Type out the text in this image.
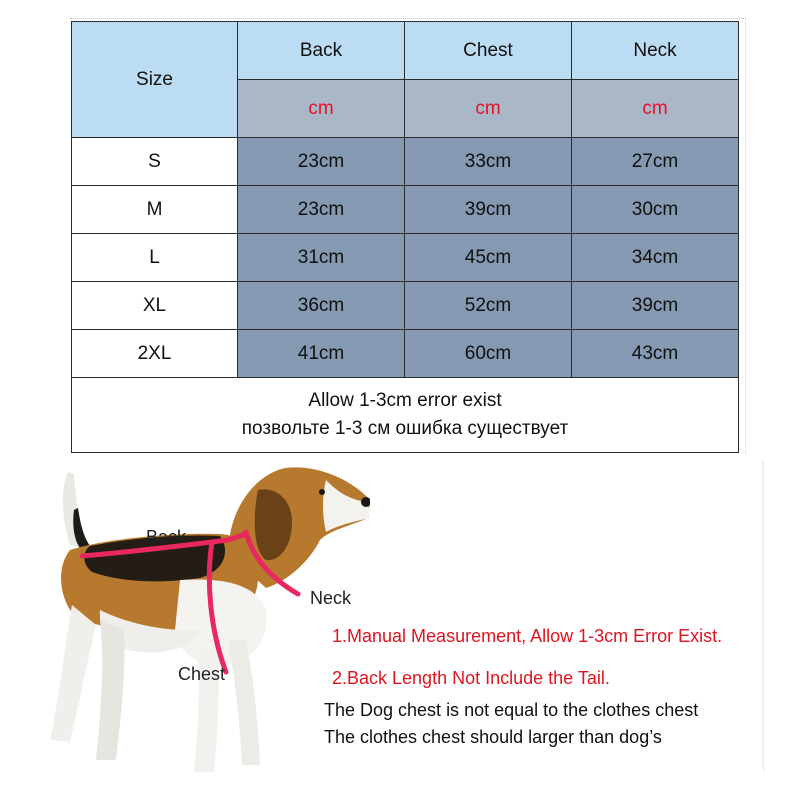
Size	Back	Chest	Neck
	cm	cm	cm
S	23cm	33cm	27cm
M	23cm	39cm	30cm
L	31cm	45cm	34cm
XL	36cm	52cm	39cm
2XL	41cm	60cm	43cm

Allow 1-3cm error exist
позвольте 1-3 см ошибка существует			
Back
Neck
Chest
1.Manual Measurement, Allow 1-3cm Error Exist.
2.Back Length Not Include the Tail.
The Dog chest is not equal to the clothes chest
The clothes chest should larger than dog’s
